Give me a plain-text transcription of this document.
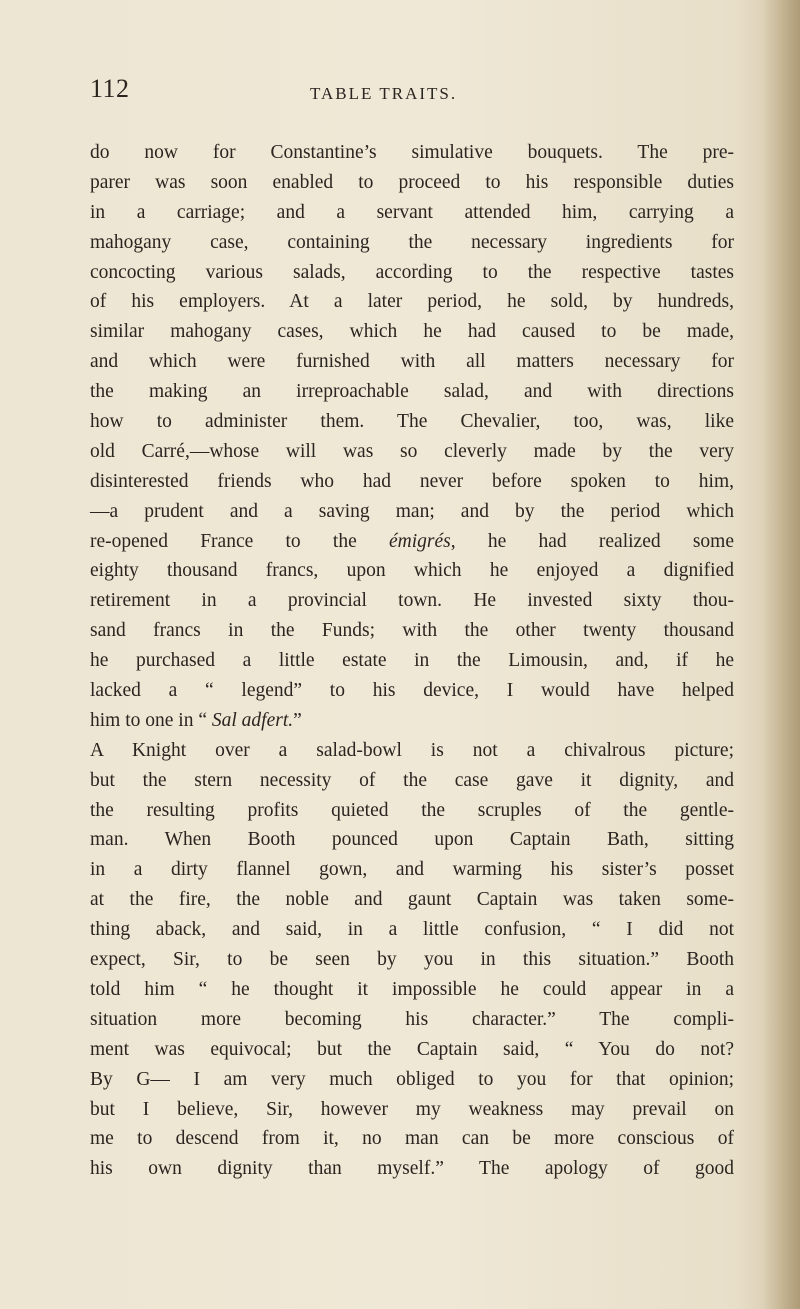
112	TABLE TRAITS.
do now for Constantine’s simulative bouquets. The pre-
parer was soon enabled to proceed to his responsible duties
in a carriage; and a servant attended him, carrying a
mahogany case, containing the necessary ingredients for
concocting various salads, according to the respective tastes
of his employers. At a later period, he sold, by hundreds,
similar mahogany cases, which he had caused to be made,
and which were furnished with all matters necessary for
the making an irreproachable salad, and with directions
how to administer them. The Chevalier, too, was, like
old Carré,—whose will was so cleverly made by the very
disinterested friends who had never before spoken to him,
—a prudent and a saving man; and by the period which
re-opened France to the émigrés, he had realized some
eighty thousand francs, upon which he enjoyed a dignified
retirement in a provincial town. He invested sixty thou-
sand francs in the Funds; with the other twenty thousand
he purchased a little estate in the Limousin, and, if he
lacked a “ legend” to his device, I would have helped
him to one in “ Sal adfert.”
A Knight over a salad-bowl is not a chivalrous picture;
but the stern necessity of the case gave it dignity, and
the resulting profits quieted the scruples of the gentle-
man. When Booth pounced upon Captain Bath, sitting
in a dirty flannel gown, and warming his sister’s posset
at the fire, the noble and gaunt Captain was taken some-
thing aback, and said, in a little confusion, “ I did not
expect, Sir, to be seen by you in this situation.” Booth
told him “ he thought it impossible he could appear in a
situation more becoming his character.” The compli-
ment was equivocal; but the Captain said, “ You do not?
By G— I am very much obliged to you for that opinion;
but I believe, Sir, however my weakness may prevail on
me to descend from it, no man can be more conscious of
his own dignity than myself.” The apology of good
